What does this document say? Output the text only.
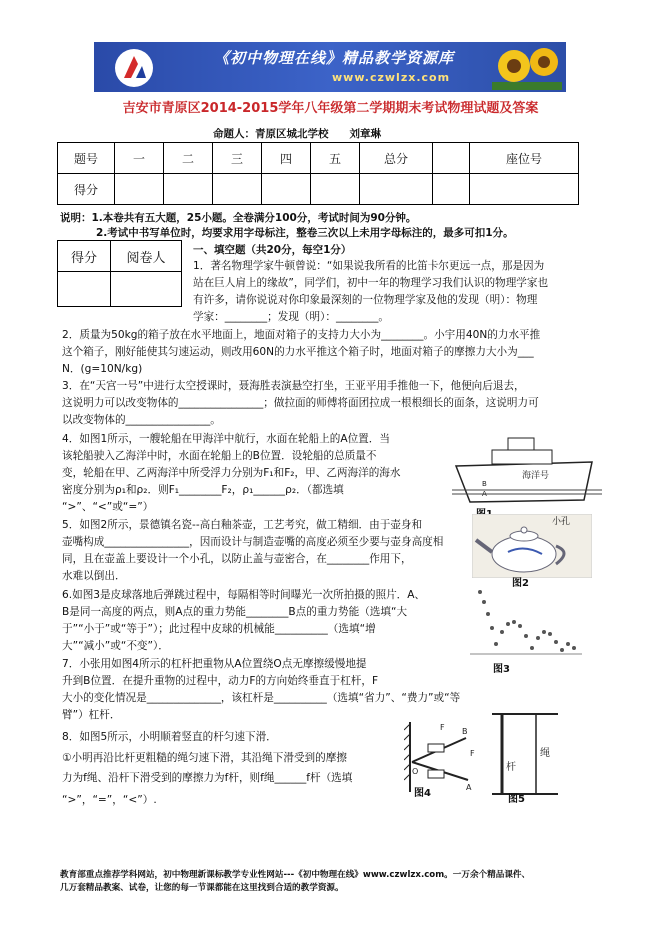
《初中物理在线》精品教学资源库
www.czwlzx.com
吉安市青原区2014-2015学年八年级第二学期期末考试物理试题及答案
命题人：青原区城北学校　　刘章琳
题号	一	二	三	四	五	总分		座位号
得分								
说明：1.本卷共有五大题，25小题。全卷满分100分，考试时间为90分钟。
2.考试中书写单位时，均要求用字母标注，整卷三次以上未用字母标注的，最多可扣1分。
得分	阅卷人

一、填空题（共20分，每空1分）
1．著名物理学家牛顿曾说：“如果说我所看的比笛卡尔更远一点，那是因为
站在巨人肩上的缘故”，同学们，初中一年的物理学习我们认识的物理学家也
有许多，请你说说对你印象最深刻的一位物理学家及他的发现（明）：物理
学家：________；发现（明）：________。
2．质量为50kg的箱子放在水平地面上，地面对箱子的支持力大小为________。小宇用40N的力水平推
这个箱子，刚好能使其匀速运动，则改用60N的力水平推这个箱子时，地面对箱子的摩擦力大小为___
N．(g=10N/kg)
3．在“天宫一号”中进行太空授课时，聂海胜表演悬空打坐，王亚平用手推他一下，他便向后退去，
这说明力可以改变物体的________________；做拉面的师傅将面团拉成一根根细长的面条，这说明力可
以改变物体的________________。
4．如图1所示，一艘轮船在甲海洋中航行，水面在轮船上的A位置．当
该轮船驶入乙海洋中时，水面在轮船上的B位置．设轮船的总质量不
变，轮船在甲、乙两海洋中所受浮力分别为F₁和F₂，甲、乙两海洋的海水
密度分别为ρ₁和ρ₂．则F₁________F₂，ρ₁______ρ₂．（都选填
“>”、“<”或“=”）
5．如图2所示，景德镇名瓷--高白釉茶壶，工艺考究，做工精细．由于壶身和
壶嘴构成________________，因而设计与制造壶嘴的高度必须至少要与壶身高度相
同，且在壶盖上要设计一个小孔，以防止盖与壶密合，在________作用下，
水难以倒出．
6.如图3是皮球落地后弹跳过程中，每隔相等时间曝光一次所拍摄的照片．A、
B是同一高度的两点，则A点的重力势能________B点的重力势能（选填“大
于”“小于”或“等于”）；此过程中皮球的机械能__________（选填“增
大”“减小”或“不变”）．
7．小张用如图4所示的杠杆把重物从A位置绕O点无摩擦缓慢地提
升到B位置．在提升重物的过程中，动力F的方向始终垂直于杠杆，F
大小的变化情况是______________，该杠杆是__________（选填“省力”、“费力”或“等
臂”）杠杆．
8．如图5所示，小明顺着竖直的杆匀速下滑．
①小明再沿比杆更粗糙的绳匀速下滑，其沿绳下滑受到的摩擦
力为f绳、沿杆下滑受到的摩擦力为f杆，则f绳______f杆（选填
“>”，“=”，“<”）.
B
A
海洋号
小孔
图2
图3
O
B
A
F
F
图4
杆
绳
图5
教育部重点推荐学科网站，初中物理新课标教学专业性网站---《初中物理在线》www.czwlzx.com。一万余个精品课件、
几万套精品教案、试卷，让您的每一节课都能在这里找到合适的教学资源。
